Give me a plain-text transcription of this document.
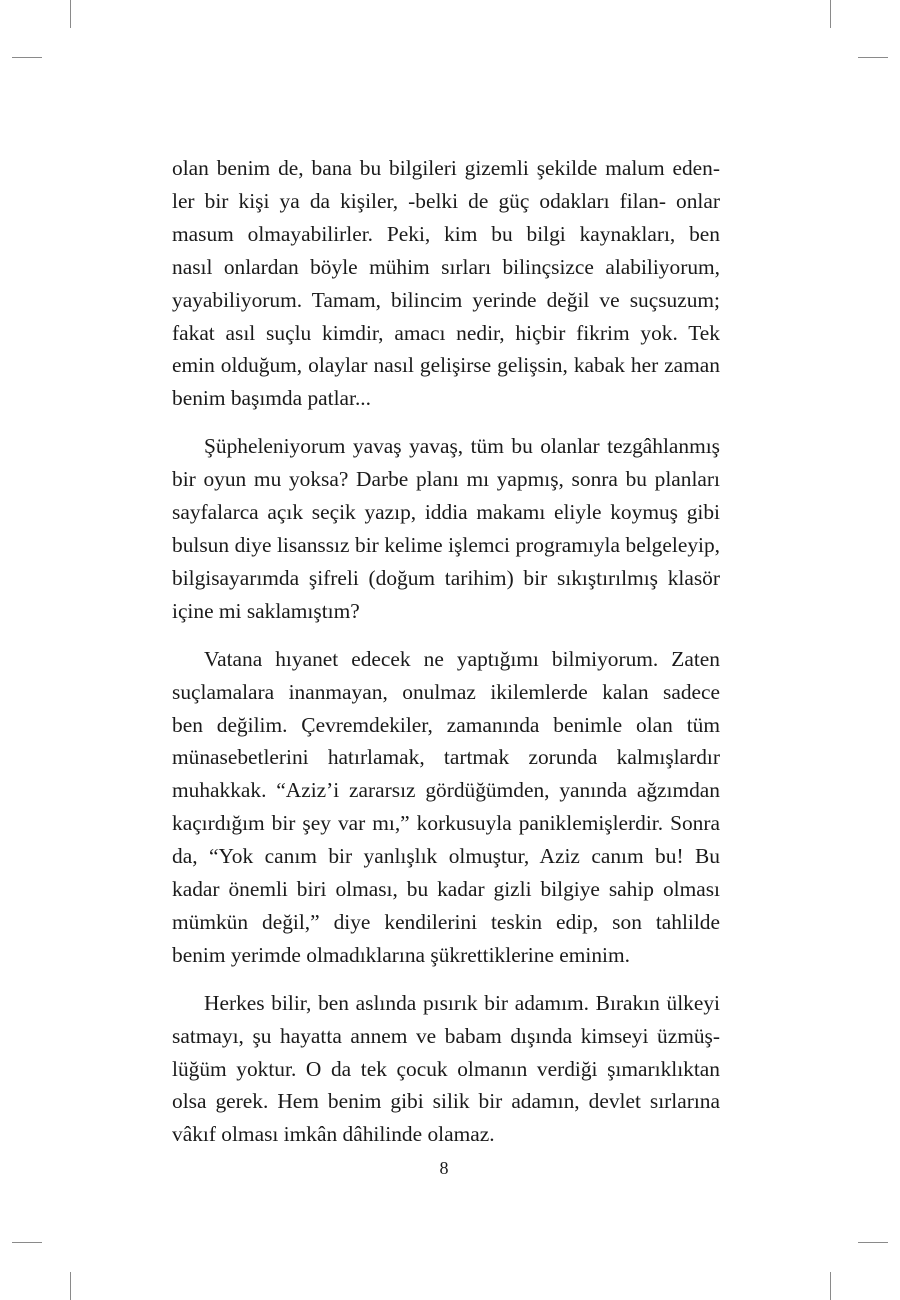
olan benim de, bana bu bilgileri gizemli şekilde malum eden-
ler bir kişi ya da kişiler, -belki de güç odakları filan- onlar
masum olmayabilirler. Peki, kim bu bilgi kaynakları, ben
nasıl onlardan böyle mühim sırları bilinçsizce alabiliyorum,
yayabiliyorum. Tamam, bilincim yerinde değil ve suçsuzum;
fakat asıl suçlu kimdir, amacı nedir, hiçbir fikrim yok. Tek
emin olduğum, olaylar nasıl gelişirse gelişsin, kabak her zaman
benim başımda patlar...

Şüpheleniyorum yavaş yavaş, tüm bu olanlar tezgâhlanmış
bir oyun mu yoksa? Darbe planı mı yapmış, sonra bu planları
sayfalarca açık seçik yazıp, iddia makamı eliyle koymuş gibi
bulsun diye lisanssız bir kelime işlemci programıyla belgeleyip,
bilgisayarımda şifreli (doğum tarihim) bir sıkıştırılmış klasör
içine mi saklamıştım?

Vatana hıyanet edecek ne yaptığımı bilmiyorum. Zaten
suçlamalara inanmayan, onulmaz ikilemlerde kalan sadece
ben değilim. Çevremdekiler, zamanında benimle olan tüm
münasebetlerini hatırlamak, tartmak zorunda kalmışlardır
muhakkak. “Aziz’i zararsız gördüğümden, yanında ağzımdan
kaçırdığım bir şey var mı,” korkusuyla paniklemişlerdir. Sonra
da, “Yok canım bir yanlışlık olmuştur, Aziz canım bu! Bu
kadar önemli biri olması, bu kadar gizli bilgiye sahip olması
mümkün değil,” diye kendilerini teskin edip, son tahlilde
benim yerimde olmadıklarına şükrettiklerine eminim.

Herkes bilir, ben aslında pısırık bir adamım. Bırakın ülkeyi
satmayı, şu hayatta annem ve babam dışında kimseyi üzmüş-
lüğüm yoktur. O da tek çocuk olmanın verdiği şımarıklıktan
olsa gerek. Hem benim gibi silik bir adamın, devlet sırlarına
vâkıf olması imkân dâhilinde olamaz.

8
